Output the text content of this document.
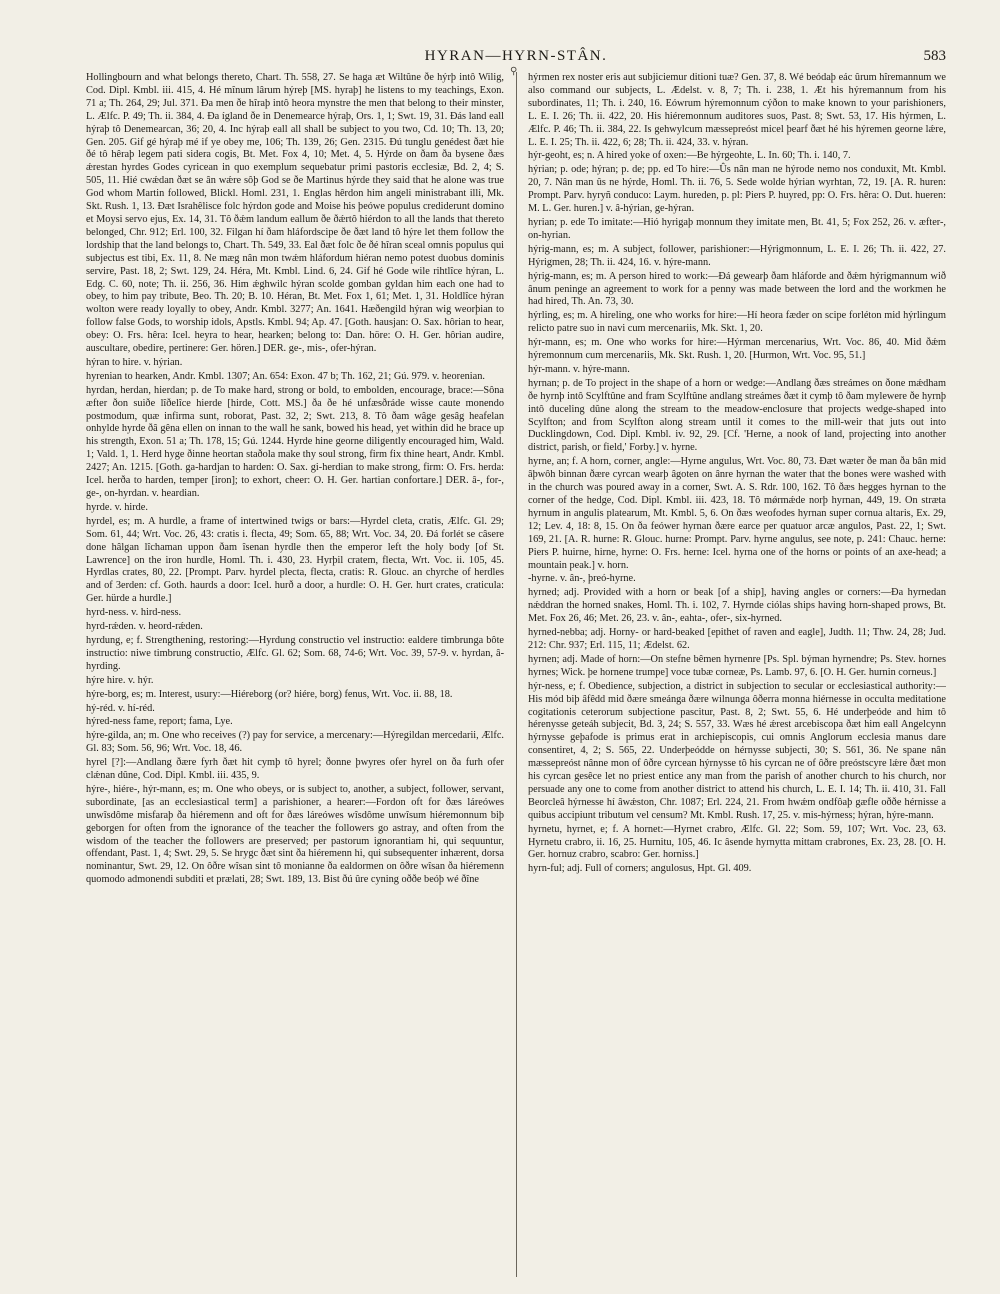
HYRAN—HYRN-STÂN.	583
⚲

Hollingbourn and what belongs thereto, Chart. Th. 558, 27. Se haga æt Wiltûne ðe hýrþ intô Wilig, Cod. Dipl. Kmbl. iii. 415, 4. Hé mînum lârum hýreþ [MS. hyraþ] he listens to my teachings, Exon. 71 a; Th. 264, 29; Jul. 371. Ða men ðe hîraþ intô heora mynstre the men that belong to their minster, L. Ælfc. P. 49; Th. ii. 384, 4. Ða ígland ðe in Denemearce hýraþ, Ors. 1, 1; Swt. 19, 31. Ðás land eall hýraþ tô Denemearcan, 36; 20, 4. Inc hýraþ eall all shall be subject to you two, Cd. 10; Th. 13, 20; Gen. 205. Gif gé hýraþ mé if ye obey me, 106; Th. 139, 26; Gen. 2315. Ðú tunglu genédest ðæt hie ðé tô hêraþ legem pati sidera cogis, Bt. Met. Fox 4, 10; Met. 4, 5. Hýrde on ðam ða bysene ðæs ǽrestan hyrdes Godes cyricean in quo exemplum sequebatur primi pastoris ecclesiæ, Bd. 2, 4; S. 505, 11. Hié cwǽdan ðæt se ân wǽre sôþ God se ðe Martinus hýrde they said that he alone was true God whom Martin followed, Blickl. Homl. 231, 1. Englas hêrdon him angeli ministrabant illi, Mk. Skt. Rush. 1, 13. Ðæt Israhêlisce folc hýrdon gode and Moise his þeówe populus crediderunt domino et Moysi servo ejus, Ex. 14, 31. Tô ðǽm landum eallum ðe ðǽrtô hiérdon to all the lands that thereto belonged, Chr. 912; Erl. 100, 32. Filgan hí ðam hláfordscipe ðe ðæt land tô hýre let them follow the lordship that the land belongs to, Chart. Th. 549, 33. Eal ðæt folc ðe ðé hîran sceal omnis populus qui subjectus est tibi, Ex. 11, 8. Ne mæg nân mon twǽm hláfordum hiéran nemo potest duobus dominis servire, Past. 18, 2; Swt. 129, 24. Héra, Mt. Kmbl. Lind. 6, 24. Gif hé Gode wile rihtlîce hýran, L. Edg. C. 60, note; Th. ii. 256, 36. Him ǽghwilc hýran scolde gomban gyldan him each one had to obey, to him pay tribute, Beo. Th. 20; B. 10. Héran, Bt. Met. Fox 1, 61; Met. 1, 31. Holdlîce hýran wolton were ready loyally to obey, Andr. Kmbl. 3277; An. 1641. Hæðengild hýran wig weorþian to follow false Gods, to worship idols, Apstls. Kmbl. 94; Ap. 47. [Goth. hausjan: O. Sax. hôrian to hear, obey: O. Frs. hêra: Icel. heyra to hear, hearken; belong to: Dan. höre: O. H. Ger. hôrian audire, auscultare, obedire, pertinere: Ger. hören.] DER. ge-, mis-, ofer-hýran.

hýran to hire. v. hýrian.

hyrenian to hearken, Andr. Kmbl. 1307; An. 654: Exon. 47 b; Th. 162, 21; Gú. 979. v. heorenian.

hyrdan, herdan, hierdan; p. de To make hard, strong or bold, to embolden, encourage, brace:—Sôna æfter ðon suiðe lîðelîce hierde [hirde, Cott. MS.] ða ðe hé unfæsðráde wisse caute monendo postmodum, quæ infirma sunt, roborat, Past. 32, 2; Swt. 213, 8. Tô ðam wâge gesâg heafelan onhylde hyrde ðâ gêna ellen on innan to the wall he sank, bowed his head, yet within did he brace up his strength, Exon. 51 a; Th. 178, 15; Gú. 1244. Hyrde hine georne diligently encouraged him, Wald. 1; Vald. 1, 1. Herd hyge ðinne heortan staðola make thy soul strong, firm fix thine heart, Andr. Kmbl. 2427; An. 1215. [Goth. ga-hardjan to harden: O. Sax. gi-herdian to make strong, firm: O. Frs. herda: Icel. herða to harden, temper [iron]; to exhort, cheer: O. H. Ger. hartian confortare.] DER. â-, for-, ge-, on-hyrdan. v. heardian.

hyrde. v. hirde.

hyrdel, es; m. A hurdle, a frame of intertwined twigs or bars:—Hyrdel cleta, cratis, Ælfc. Gl. 29; Som. 61, 44; Wrt. Voc. 26, 43: cratis i. flecta, 49; Som. 65, 88; Wrt. Voc. 34, 20. Ðá forlét se câsere done hâlgan lîchaman uppon ðam îsenan hyrdle then the emperor left the holy body [of St. Lawrence] on the iron hurdle, Homl. Th. i. 430, 23. Hyrþil cratem, flecta, Wrt. Voc. ii. 105, 45. Hyrdlas crates, 80, 22. [Prompt. Parv. hyrdel plecta, flecta, cratis: R. Glouc. an chyrche of herdles and of 3erden: cf. Goth. haurds a door: Icel. hurð a door, a hurdle: O. H. Ger. hurt crates, craticula: Ger. hürde a hurdle.]

hyrd-ness. v. hird-ness.

hyrd-rǽden. v. heord-rǽden.

hyrdung, e; f. Strengthening, restoring:—Hyrdung constructio vel instructio: ealdere timbrunga bôte instructio: niwe timbrung constructio, Ælfc. Gl. 62; Som. 68, 74-6; Wrt. Voc. 39, 57-9. v. hyrdan, â-hyrding.

hýre hire. v. hýr.

hýre-borg, es; m. Interest, usury:—Hiéreborg (or? hiére, borg) fenus, Wrt. Voc. ii. 88, 18.

hý-réd. v. hí-réd.

hýred-ness fame, report; fama, Lye.

hýre-gilda, an; m. One who receives (?) pay for service, a mercenary:—Hýregildan mercedarii, Ælfc. Gl. 83; Som. 56, 96; Wrt. Voc. 18, 46.

hyrel [?]:—Andlang ðære fyrh ðæt hit cymþ tô hyrel; ðonne þwyres ofer hyrel on ða furh ofer clǽnan dûne, Cod. Dipl. Kmbl. iii. 435, 9.

hýre-, hiére-, hýr-mann, es; m. One who obeys, or is subject to, another, a subject, follower, servant, subordinate, [as an ecclesiastical term] a parishioner, a hearer:—Fordon oft for ðæs láreówes unwîsdôme misfaraþ ða hiéremenn and oft for ðæs láreówes wîsdôme unwîsum hiéremonnum biþ geborgen for often from the ignorance of the teacher the followers go astray, and often from the wisdom of the teacher the followers are preserved; per pastorum ignorantiam hi, qui sequuntur, offendant, Past. 1, 4; Swt. 29, 5. Se hrygc ðæt sint ða hiéremenn hi, qui subsequenter inhærent, dorsa nominantur, Swt. 29, 12. On ôðre wîsan sint tô monianne ða ealdormen on ôðre wîsan ða hiéremenn quomodo admonendi subditi et prælati, 28; Swt. 189, 13. Bist ðú ûre cyning oððe beóþ wé ðîne

hýrmen rex noster eris aut subjiciemur ditioni tuæ? Gen. 37, 8. Wé beódaþ eác ûrum hîremannum we also command our subjects, L. Ædelst. v. 8, 7; Th. i. 238, 1. Æt his hýremannum from his subordinates, 11; Th. i. 240, 16. Eówrum hýremonnum cýðon to make known to your parishioners, L. E. I. 26; Th. ii. 422, 20. His hiéremonnum auditores suos, Past. 8; Swt. 53, 17. His hýrmen, L. Ælfc. P. 46; Th. ii. 384, 22. Is gehwylcum mæssepreóst micel þearf ðæt hé his hýremen geornе lǽre, L. E. I. 25; Th. ii. 422, 6; 28; Th. ii. 424, 33. v. hýran.

hýr-geoht, es; n. A hired yoke of oxen:—Be hýrgeohte, L. In. 60; Th. i. 140, 7.

hýrian; p. ode; hýran; p. de; pp. ed To hire:—Ûs nân man ne hýrode nemo nos conduxit, Mt. Kmbl. 20, 7. Nân man ûs ne hýrde, Homl. Th. ii. 76, 5. Sede wolde hýrian wyrhtan, 72, 19. [A. R. huren: Prompt. Parv. hyryñ conduco: Laym. hureden, p. pl: Piers P. huyred, pp: O. Frs. hêra: O. Dut. hueren: M. L. Ger. huren.] v. â-hýrian, ge-hýran.

hyrian; p. ede To imitate:—Hió hyrigaþ monnum they imitate men, Bt. 41, 5; Fox 252, 26. v. æfter-, on-hyrian.

hýrig-mann, es; m. A subject, follower, parishioner:—Hýrigmonnum, L. E. I. 26; Th. ii. 422, 27. Hýrigmen, 28; Th. ii. 424, 16. v. hýre-mann.

hýrig-mann, es; m. A person hired to work:—Ðá gewearþ ðam hláforde and ðǽm hýrigmannum wið ânum peninge an agreement to work for a penny was made between the lord and the workmen he had hired, Th. An. 73, 30.

hýrling, es; m. A hireling, one who works for hire:—Hí heora fæder on scipe forléton mid hýrlingum relicto patre suo in navi cum mercenariis, Mk. Skt. 1, 20.

hýr-mann, es; m. One who works for hire:—Hýrman mercenarius, Wrt. Voc. 86, 40. Mid ðǽm hýremonnum cum mercenariis, Mk. Skt. Rush. 1, 20. [Hurmon, Wrt. Voc. 95, 51.]

hýr-mann. v. hýre-mann.

hyrnan; p. de To project in the shape of a horn or wedge:—Andlang ðæs streámes on ðone mǽdham ðe hyrnþ intô Scylftûne and fram Scylftûne andlang streámes ðæt it cymþ tô ðam mylewere ðe hyrnþ intô duceling dûne along the stream to the meadow-enclosure that projects wedge-shaped into Scylfton; and from Scylfton along stream until it comes to the mill-weir that juts out into Ducklingdown, Cod. Dipl. Kmbl. iv. 92, 29. [Cf. 'Herne, a nook of land, projecting into another district, parish, or field,' Forby.] v. hyrne.

hyrne, an; f. A horn, corner, angle:—Hyrne angulus, Wrt. Voc. 80, 73. Ðæt wæter ðe man ða bân mid âþwôh binnan ðære cyrcan wearþ âgoten on ânre hyrnan the water that the bones were washed with in the church was poured away in a corner, Swt. A. S. Rdr. 100, 162. Tô ðæs hegges hyrnan to the corner of the hedge, Cod. Dipl. Kmbl. iii. 423, 18. Tô mǿrmǽde norþ hyrnan, 449, 19. On stræta hyrnum in angulis platearum, Mt. Kmbl. 5, 6. On ðæs weofodes hyrnan super cornua altaris, Ex. 29, 12; Lev. 4, 18: 8, 15. On ða feówer hyrnan ðære earce per quatuor arcæ angulos, Past. 22, 1; Swt. 169, 21. [A. R. hurne: R. Glouc. hurne: Prompt. Parv. hyrne angulus, see note, p. 241: Chauc. herne: Piers P. huirne, hirne, hyrne: O. Frs. herne: Icel. hyrna one of the horns or points of an axe-head; a mountain peak.] v. horn.

-hyrne. v. ân-, þreó-hyrne.

hyrned; adj. Provided with a horn or beak [of a ship], having angles or corners:—Ða hyrnedan nǽddran the horned snakes, Homl. Th. i. 102, 7. Hyrnde ciólas ships having horn-shaped prows, Bt. Met. Fox 26, 46; Met. 26, 23. v. ân-, eahta-, ofer-, six-hyrned.

hyrned-nebba; adj. Horny- or hard-beaked [epithet of raven and eagle], Judth. 11; Thw. 24, 28; Jud. 212: Chr. 937; Erl. 115, 11; Ædelst. 62.

hyrnen; adj. Made of horn:—On stefne bêmen hyrnenre [Ps. Spl. býman hyrnendre; Ps. Stev. hornes hyrnes; Wick. þe hornene trumpe] voce tubæ corneæ, Ps. Lamb. 97, 6. [O. H. Ger. hurnin corneus.]

hýr-ness, e; f. Obedience, subjection, a district in subjection to secular or ecclesiastical authority:—His mód biþ âfêdd mid ðære smeánga ðære wilnunga ôðerra monna hiérnesse in occulta meditatione cogitationis ceterorum subjectione pascitur, Past. 8, 2; Swt. 55, 6. Hé underþeóde and him tô hérenysse geteáh subjecit, Bd. 3, 24; S. 557, 33. Wæs hé ǽrest arcebiscopa ðæt him eall Angelcynn hýrnysse geþafode is primus erat in archiepiscopis, cui omnis Anglorum ecclesia manus dare consentiret, 4, 2; S. 565, 22. Underþeódde on hérnysse subjecti, 30; S. 561, 36. Ne spane nân mæssepreóst nânne mon of ôðre cyrcean hýrnysse tô his cyrcan ne of ôðre preóstscyre lǽre ðæt mon his cyrcan gesêce let no priest entice any man from the parish of another church to his church, nor persuade any one to come from another district to attend his church, L. E. I. 14; Th. ii. 410, 31. Fall Beorcleâ hýrnesse hí âwǽston, Chr. 1087; Erl. 224, 21. From hwǽm ondfôaþ gæfle oððe hérnisse a quibus accipiunt tributum vel censum? Mt. Kmbl. Rush. 17, 25. v. mis-hýrness; hýran, hýre-mann.

hyrnetu, hyrnet, e; f. A hornet:—Hyrnet crabro, Ælfc. Gl. 22; Som. 59, 107; Wrt. Voc. 23, 63. Hyrnetu crabro, ii. 16, 25. Hurnitu, 105, 46. Ic âsende hyrnytta mittam crabrones, Ex. 23, 28. [O. H. Ger. hornuz crabro, scabro: Ger. horniss.]

hyrn-ful; adj. Full of corners; angulosus, Hpt. Gl. 409.
